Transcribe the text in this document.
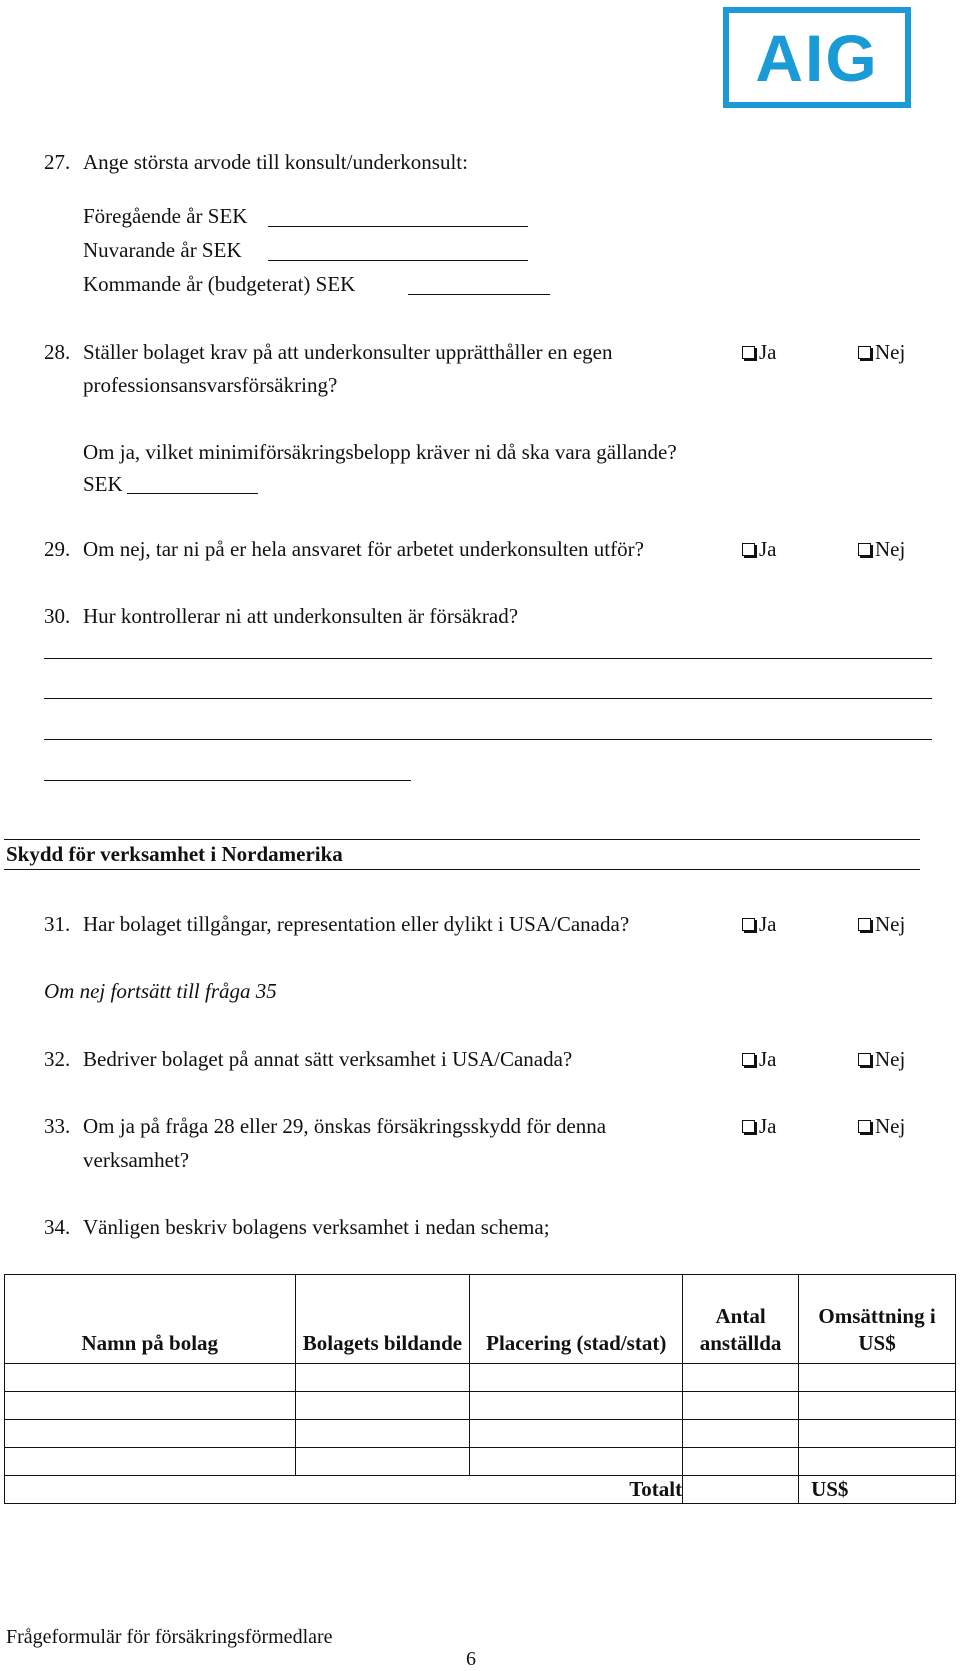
AIG
27. Ange största arvode till konsult/underkonsult:
Föregående år SEK
Nuvarande år SEK
Kommande år (budgeterat) SEK
28. Ställer bolaget krav på att underkonsulter upprätthåller en egen
professionsansvarsförsäkring?
Ja	Nej
Om ja, vilket minimiförsäkringsbelopp kräver ni då ska vara gällande?
SEK
29. Om nej, tar ni på er hela ansvaret för arbetet underkonsulten utför?	Ja	Nej
30. Hur kontrollerar ni att underkonsulten är försäkrad?
Skydd för verksamhet i Nordamerika
31. Har bolaget tillgångar, representation eller dylikt i USA/Canada?	Ja	Nej
Om nej fortsätt till fråga 35
32. Bedriver bolaget på annat sätt verksamhet i USA/Canada?	Ja	Nej
33. Om ja på fråga 28 eller 29, önskas försäkringsskydd för denna
verksamhet?
Ja	Nej
34. Vänligen beskriv bolagens verksamhet i nedan schema;
Namn på bolag	Bolagets bildande	Placering (stad/stat)	Antal anställda	Omsättning i US$

Totalt				US$
Frågeformulär för försäkringsförmedlare
6
